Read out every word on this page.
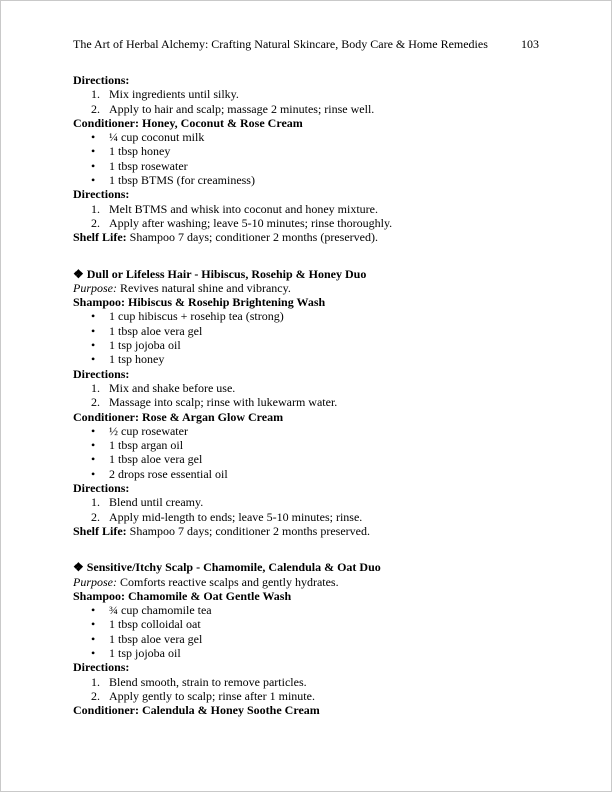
The Art of Herbal Alchemy: Crafting Natural Skincare, Body Care & Home Remedies	103
Directions:
1. Mix ingredients until silky.
2. Apply to hair and scalp; massage 2 minutes; rinse well.
Conditioner: Honey, Coconut & Rose Cream
• ¼ cup coconut milk
• 1 tbsp honey
• 1 tbsp rosewater
• 1 tbsp BTMS (for creaminess)
Directions:
1. Melt BTMS and whisk into coconut and honey mixture.
2. Apply after washing; leave 5-10 minutes; rinse thoroughly.
Shelf Life: Shampoo 7 days; conditioner 2 months (preserved).
❖ Dull or Lifeless Hair - Hibiscus, Rosehip & Honey Duo
Purpose: Revives natural shine and vibrancy.
Shampoo: Hibiscus & Rosehip Brightening Wash
• 1 cup hibiscus + rosehip tea (strong)
• 1 tbsp aloe vera gel
• 1 tsp jojoba oil
• 1 tsp honey
Directions:
1. Mix and shake before use.
2. Massage into scalp; rinse with lukewarm water.
Conditioner: Rose & Argan Glow Cream
• ½ cup rosewater
• 1 tbsp argan oil
• 1 tbsp aloe vera gel
• 2 drops rose essential oil
Directions:
1. Blend until creamy.
2. Apply mid-length to ends; leave 5-10 minutes; rinse.
Shelf Life: Shampoo 7 days; conditioner 2 months preserved.
❖ Sensitive/Itchy Scalp - Chamomile, Calendula & Oat Duo
Purpose: Comforts reactive scalps and gently hydrates.
Shampoo: Chamomile & Oat Gentle Wash
• ¾ cup chamomile tea
• 1 tbsp colloidal oat
• 1 tbsp aloe vera gel
• 1 tsp jojoba oil
Directions:
1. Blend smooth, strain to remove particles.
2. Apply gently to scalp; rinse after 1 minute.
Conditioner: Calendula & Honey Soothe Cream
